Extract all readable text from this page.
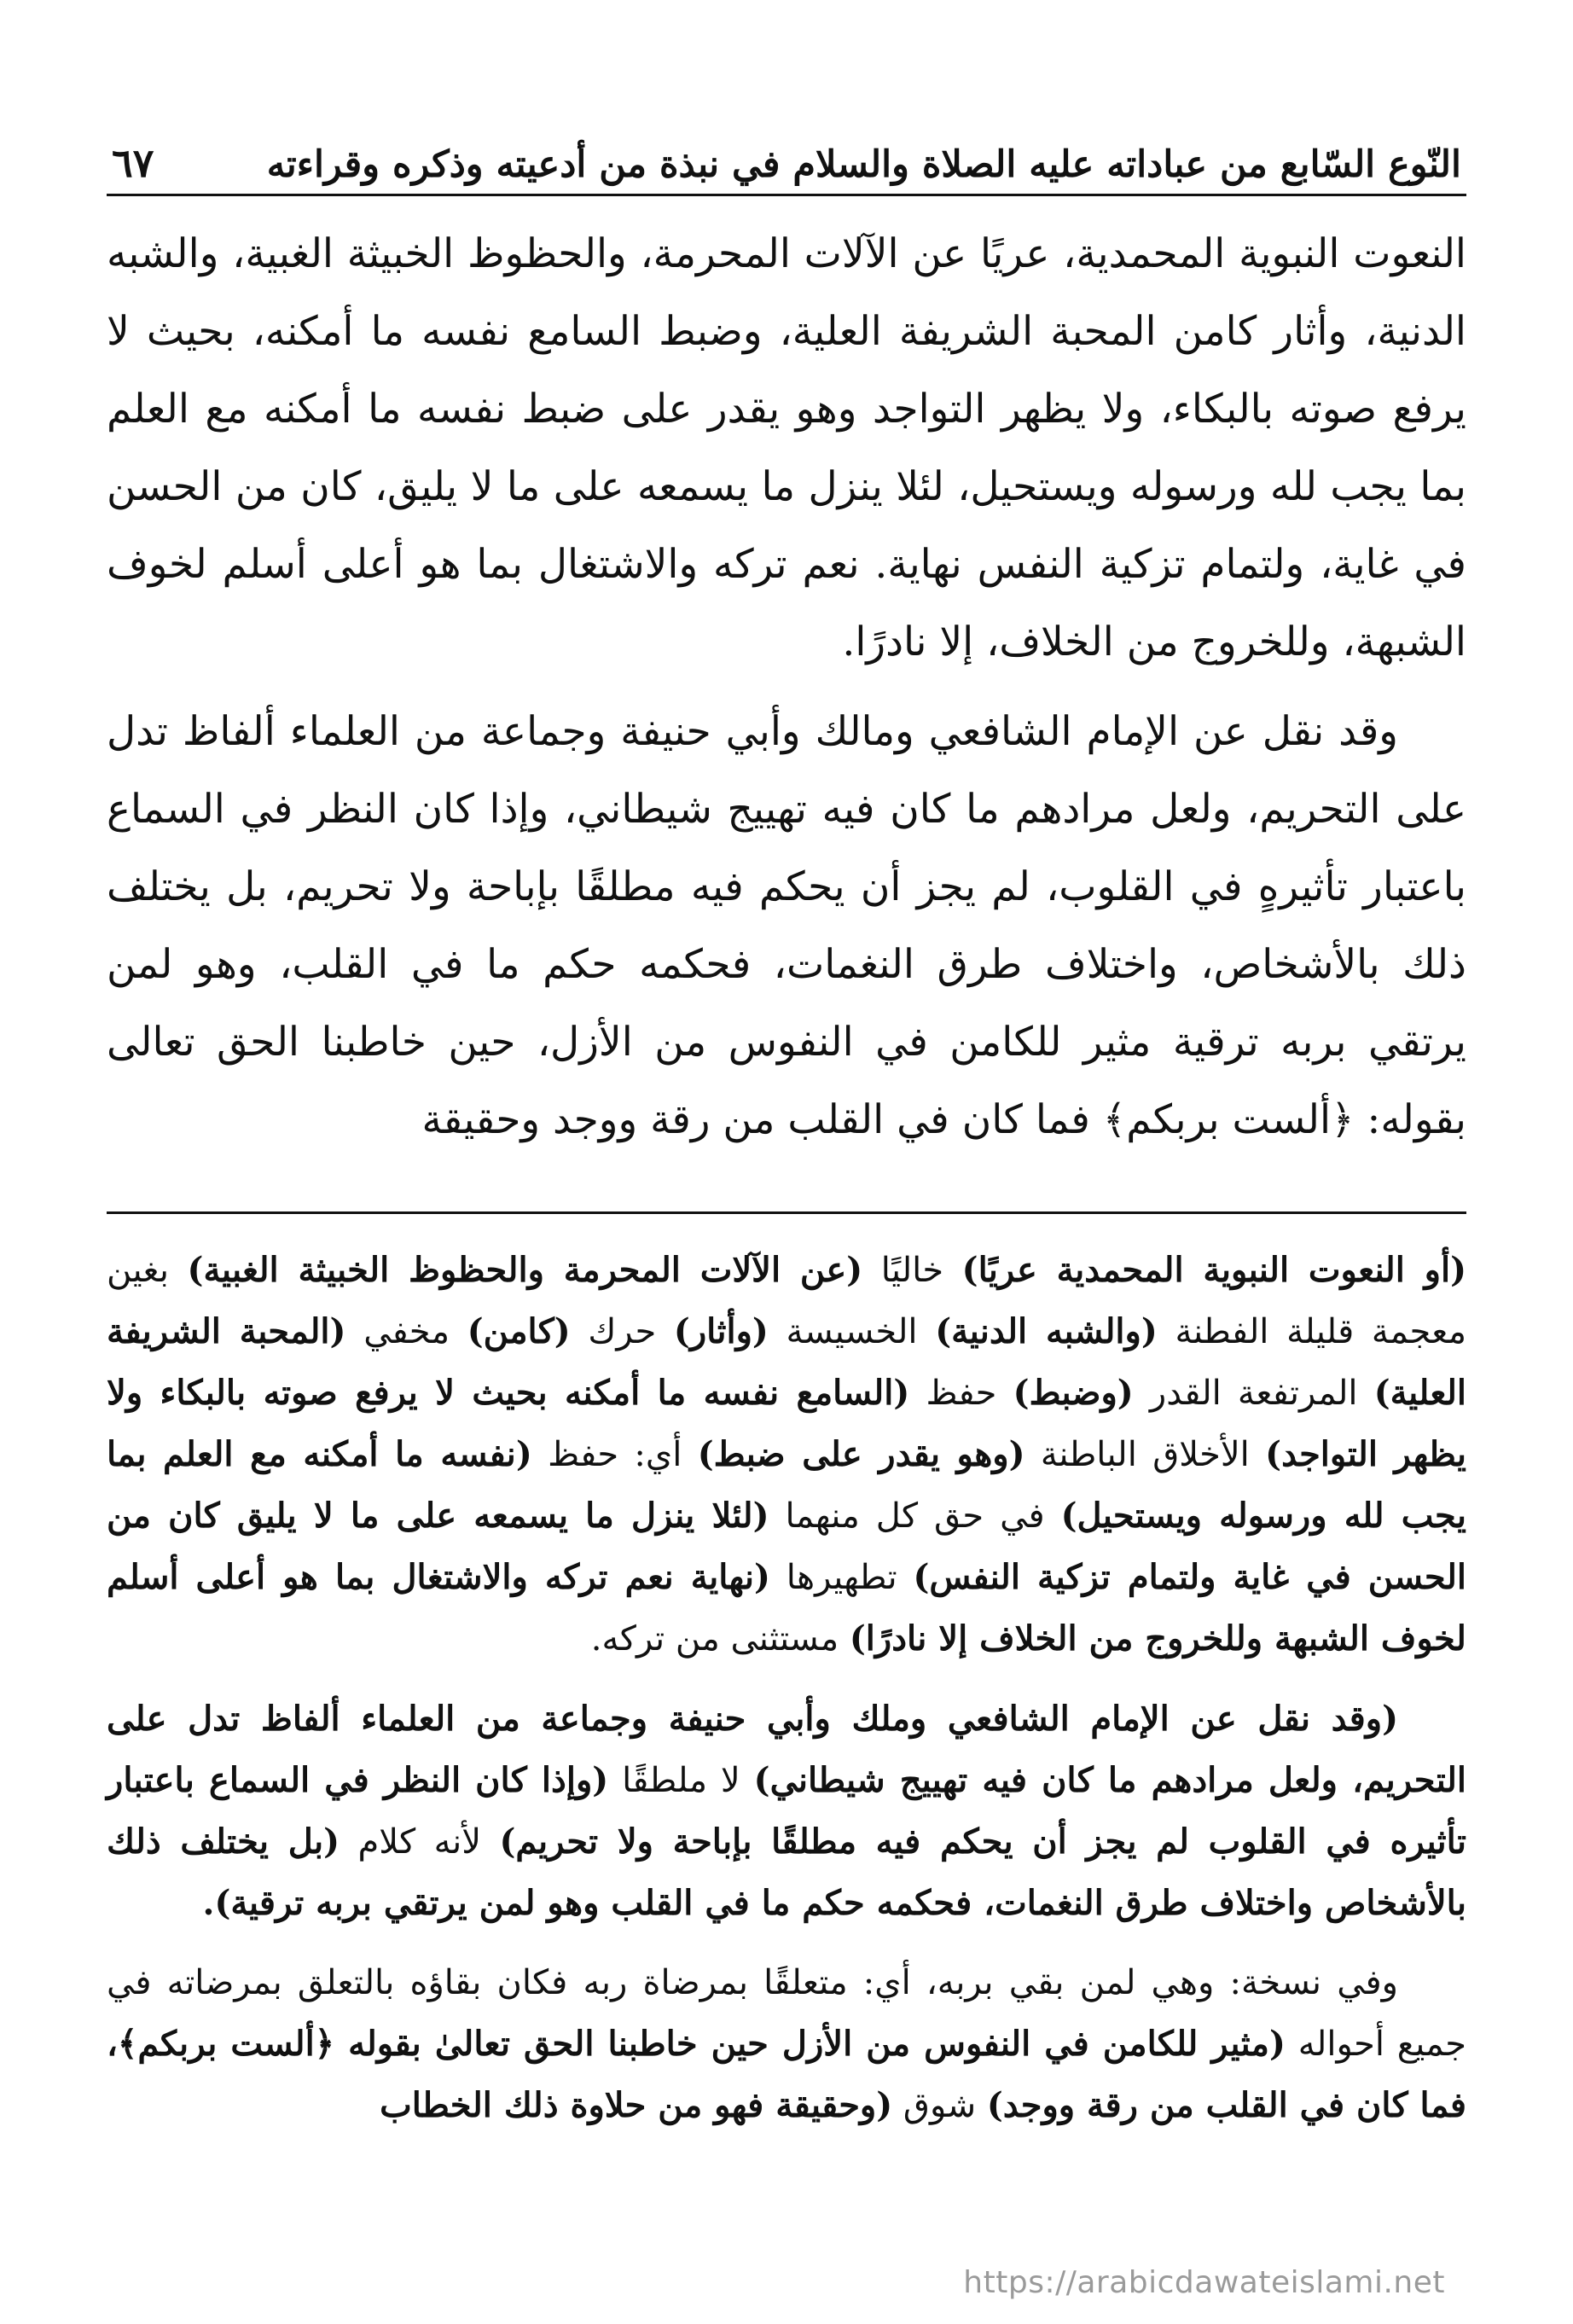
النّوع السّابع من عباداته عليه الصلاة والسلام في نبذة من أدعيته وذكره وقراءته
٦٧

النعوت النبوية المحمدية، عريًا عن الآلات المحرمة، والحظوظ الخبيثة الغبية، والشبه الدنية، وأثار كامن المحبة الشريفة العلية، وضبط السامع نفسه ما أمكنه، بحيث لا يرفع صوته بالبكاء، ولا يظهر التواجد وهو يقدر على ضبط نفسه ما أمكنه مع العلم بما يجب لله ورسوله ويستحيل، لئلا ينزل ما يسمعه على ما لا يليق، كان من الحسن في غاية، ولتمام تزكية النفس نهاية. نعم تركه والاشتغال بما هو أعلى أسلم لخوف الشبهة، وللخروج من الخلاف، إلا نادرًا.

وقد نقل عن الإمام الشافعي ومالك وأبي حنيفة وجماعة من العلماء ألفاظ تدل على التحريم، ولعل مرادهم ما كان فيه تهييج شيطاني، وإذا كان النظر في السماع باعتبار تأثيرهٍ في القلوب، لم يجز أن يحكم فيه مطلقًا بإباحة ولا تحريم، بل يختلف ذلك بالأشخاص، واختلاف طرق النغمات، فحكمه حكم ما في القلب، وهو لمن يرتقي بربه ترقية مثير للكامن في النفوس من الأزل، حين خاطبنا الحق تعالى بقوله: ﴿ألست بربكم﴾ فما كان في القلب من رقة ووجد وحقيقة

(أو النعوت النبوية المحمدية عريًا) خاليًا (عن الآلات المحرمة والحظوظ الخبيثة الغبية) بغين معجمة قليلة الفطنة (والشبه الدنية) الخسيسة (وأثار) حرك (كامن) مخفي (المحبة الشريفة العلية) المرتفعة القدر (وضبط) حفظ (السامع نفسه ما أمكنه بحيث لا يرفع صوته بالبكاء ولا يظهر التواجد) الأخلاق الباطنة (وهو يقدر على ضبط) أي: حفظ (نفسه ما أمكنه مع العلم بما يجب لله ورسوله ويستحيل) في حق كل منهما (لئلا ينزل ما يسمعه على ما لا يليق كان من الحسن في غاية ولتمام تزكية النفس) تطهيرها (نهاية نعم تركه والاشتغال بما هو أعلى أسلم لخوف الشبهة وللخروج من الخلاف إلا نادرًا) مستثنى من تركه.

(وقد نقل عن الإمام الشافعي وملك وأبي حنيفة وجماعة من العلماء ألفاظ تدل على التحريم، ولعل مرادهم ما كان فيه تهييج شيطاني) لا ملطقًا (وإذا كان النظر في السماع باعتبار تأثيره في القلوب لم يجز أن يحكم فيه مطلقًا بإباحة ولا تحريم) لأنه كلام (بل يختلف ذلك بالأشخاص واختلاف طرق النغمات، فحكمه حكم ما في القلب وهو لمن يرتقي بربه ترقية).

وفي نسخة: وهي لمن بقي بربه، أي: متعلقًا بمرضاة ربه فكان بقاؤه بالتعلق بمرضاته في جميع أحواله (مثير للكامن في النفوس من الأزل حين خاطبنا الحق تعالىٰ بقوله ﴿ألست بربكم﴾، فما كان في القلب من رقة ووجد) شوق (وحقيقة فهو من حلاوة ذلك الخطاب

https://arabicdawateislami.net
